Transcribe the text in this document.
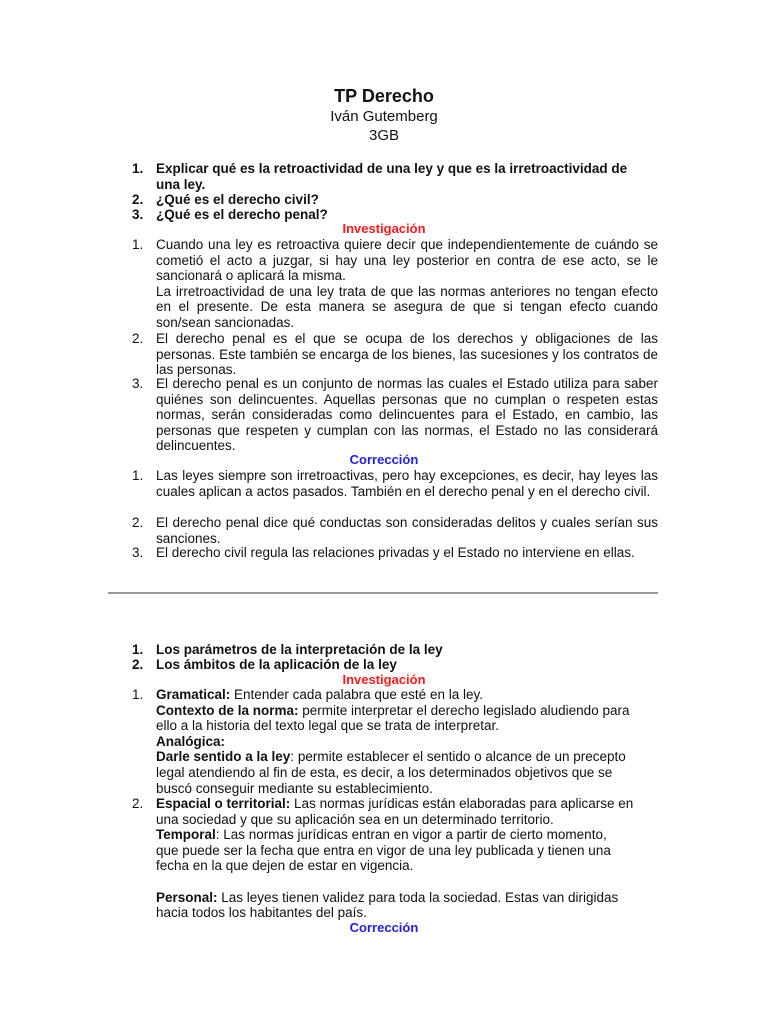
TP Derecho
Iván Gutemberg
3GB
1. Explicar qué es la retroactividad de una ley y que es la irretroactividad de
una ley.
2. ¿Qué es el derecho civil?
3. ¿Qué es el derecho penal?
Investigación
1. Cuando una ley es retroactiva quiere decir que independientemente de cuándo se cometió el acto a juzgar, si hay una ley posterior en contra de ese acto, se le sancionará o aplicará la misma.
La irretroactividad de una ley trata de que las normas anteriores no tengan efecto en el presente. De esta manera se asegura de que si tengan efecto cuando son/sean sancionadas.
2. El derecho penal es el que se ocupa de los derechos y obligaciones de las personas. Este también se encarga de los bienes, las sucesiones y los contratos de las personas.
3. El derecho penal es un conjunto de normas las cuales el Estado utiliza para saber quiénes son delincuentes. Aquellas personas que no cumplan o respeten estas normas, serán consideradas como delincuentes para el Estado, en cambio, las personas que respeten y cumplan con las normas, el Estado no las considerará delincuentes.
Corrección
1. Las leyes siempre son irretroactivas, pero hay excepciones, es decir, hay leyes las cuales aplican a actos pasados. También en el derecho penal y en el derecho civil.
2. El derecho penal dice qué conductas son consideradas delitos y cuales serían sus sanciones.
3. El derecho civil regula las relaciones privadas y el Estado no interviene en ellas.
1. Los parámetros de la interpretación de la ley
2. Los ámbitos de la aplicación de la ley
Investigación
1. Gramatical: Entender cada palabra que esté en la ley.
Contexto de la norma: permite interpretar el derecho legislado aludiendo para
ello a la historia del texto legal que se trata de interpretar.
Analógica:
Darle sentido a la ley: permite establecer el sentido o alcance de un precepto
legal atendiendo al fin de esta, es decir, a los determinados objetivos que se
buscó conseguir mediante su establecimiento.
2. Espacial o territorial: Las normas jurídicas están elaboradas para aplicarse en
una sociedad y que su aplicación sea en un determinado territorio.
Temporal: Las normas jurídicas entran en vigor a partir de cierto momento,
que puede ser la fecha que entra en vigor de una ley publicada y tienen una
fecha en la que dejen de estar en vigencia.
Personal: Las leyes tienen validez para toda la sociedad. Estas van dirigidas
hacia todos los habitantes del país.
Corrección
